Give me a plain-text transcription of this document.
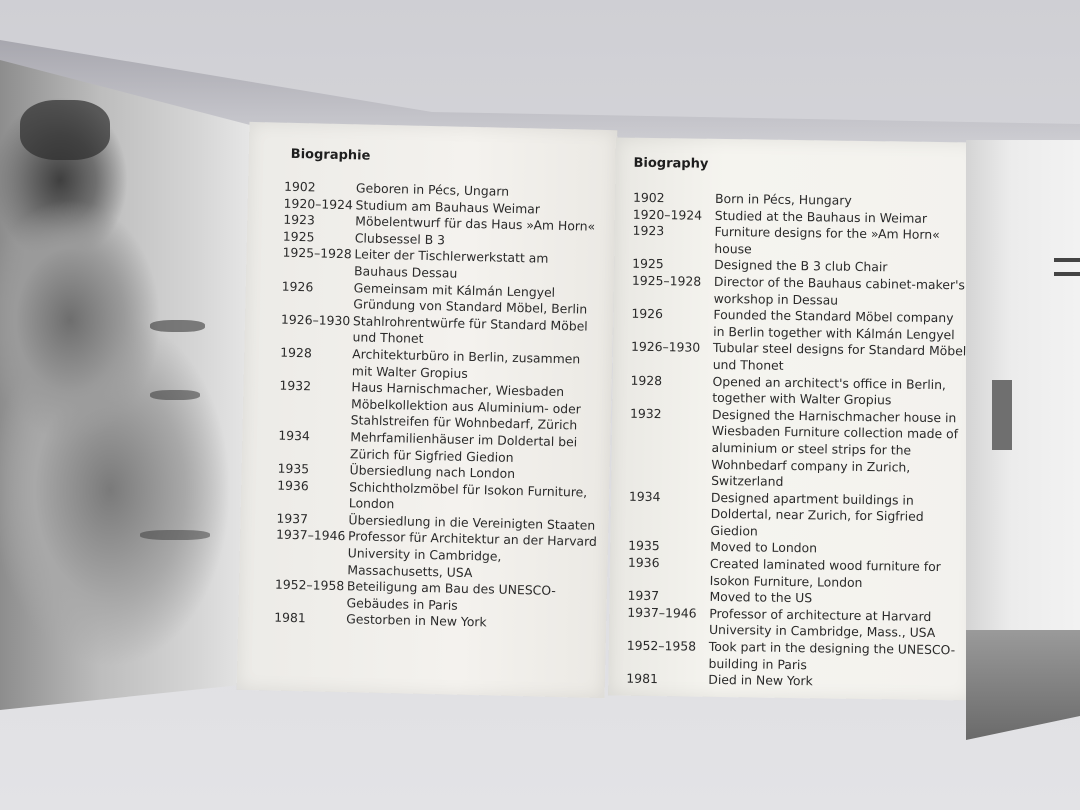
Biographie
1902	Geboren in Pécs, Ungarn
1920–1924 Studium am Bauhaus Weimar
1923	Möbelentwurf für das Haus »Am Horn«
1925	Clubsessel B 3
1925–1928 Leiter der Tischlerwerkstatt am Bauhaus Dessau
1926	Gemeinsam mit Kálmán Lengyel Gründung von Standard Möbel, Berlin
1926–1930 Stahlrohrentwürfe für Standard Möbel und Thonet
1928	Architekturbüro in Berlin, zusammen mit Walter Gropius
1932	Haus Harnischmacher, Wiesbaden Möbelkollektion aus Aluminium- oder Stahlstreifen für Wohnbedarf, Zürich
1934	Mehrfamilienhäuser im Doldertal bei Zürich für Sigfried Giedion
1935	Übersiedlung nach London
1936	Schichtholzmöbel für Isokon Furniture, London
1937	Übersiedlung in die Vereinigten Staaten
1937–1946 Professor für Architektur an der Harvard University in Cambridge, Massachusetts, USA
1952–1958 Beteiligung am Bau des UNESCO-Gebäudes in Paris
1981	Gestorben in New York
Biography
1902	Born in Pécs, Hungary
1920–1924	Studied at the Bauhaus in Weimar
1923	Furniture designs for the »Am Horn« house
1925	Designed the B 3 club Chair
1925–1928	Director of the Bauhaus cabinet-maker's workshop in Dessau
1926	Founded the Standard Möbel company in Berlin together with Kálmán Lengyel
1926–1930	Tubular steel designs for Standard Möbel und Thonet
1928	Opened an architect's office in Berlin, together with Walter Gropius
1932	Designed the Harnischmacher house in Wiesbaden Furniture collection made of aluminium or steel strips for the Wohnbedarf company in Zurich, Switzerland
1934	Designed apartment buildings in Doldertal, near Zurich, for Sigfried Giedion
1935	Moved to London
1936	Created laminated wood furniture for Isokon Furniture, London
1937	Moved to the US
1937–1946	Professor of architecture at Harvard University in Cambridge, Mass., USA
1952–1958	Took part in the designing the UNESCO-building in Paris
1981	Died in New York
